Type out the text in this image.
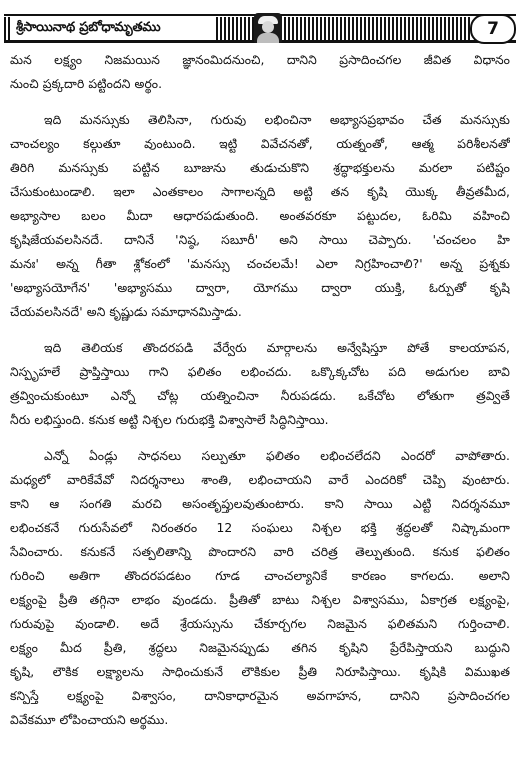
శ్రీసాయినాథ ప్రబోధామృతము	7
మన లక్ష్యం నిజమయిన జ్ఞానంమిదనుంచి, దానిని ప్రసాదించగల జీవిత విధానం
నుంచి ప్రక్కదారి పట్టిందని అర్థం.
ఇది మనస్సుకు తెలిసినా, గురువు లభించినా అభ్యాసప్రభావం చేత మనస్సుకు
చాంచల్యం కల్గుతూ వుంటుంది. ఇట్టి వివేచనతో, యత్నంతో, ఆత్మ పరిశీలనతో
తిరిగి మనస్సుకు పట్టిన బూజును తుడుచుకొని శ్రద్ధాభక్తులను మరలా పటిష్టం
చేసుకుంటుండాలి. ఇలా ఎంతకాలం సాగాలన్నది అట్టి తన కృషి యొక్క తీవ్రతమీద,
అభ్యాసాల బలం మీదా ఆధారపడుతుంది. అంతవరకూ పట్టుదల, ఓరిమి వహించి
కృషిజేయవలసినదే. దానినే 'నిష్ఠ, సబూరీ' అని సాయి చెప్పారు. 'చంచలం హి
మనః' అన్న గీతా శ్లోకంలో 'మనస్సు చంచలమే! ఎలా నిగ్రహించాలి?' అన్న ప్రశ్నకు
'అభ్యాసయోగేన' 'అభ్యాసము ద్వారా, యోగము ద్వారా యుక్తి, ఓర్పుతో కృషి
చేయవలసినదే' అని కృష్ణుడు సమాధానమిస్తాడు.
ఇది తెలియక తొందరపడి వేర్వేరు మార్గాలను అన్వేషిస్తూ పోతే కాలయాపన,
నిస్పృహలే ప్రాప్తిస్తాయి గాని ఫలితం లభించదు. ఒక్కొక్కచోట పది అడుగుల బావి
త్రవ్వించుకుంటూ ఎన్నో చోట్ల యత్నించినా నీరుపడదు. ఒకేచోట లోతుగా త్రవ్వితే
నీరు లభిస్తుంది. కనుక అట్టి నిశ్చల గురుభక్తి విశ్వాసాలే సిద్ధినిస్తాయి.
ఎన్నో ఏండ్లు సాధనలు సల్పుతూ ఫలితం లభించలేదని ఎందరో వాపోతారు.
మధ్యలో వారికేవేవో నిదర్శనాలు శాంతి, లభించాయని వారే ఎందరికో చెప్పి వుంటారు.
కాని ఆ సంగతి మరచి అసంతృప్తులవుతుంటారు. కాని సాయి ఎట్టి నిదర్శనమూ
లభించకనే గురుసేవలో నిరంతరం 12 సంఘలు నిశ్చల భక్తి శ్రద్ధలతో నిష్కామంగా
సేవించారు. కనుకనే సత్పలితాన్ని పొందారని వారి చరిత్ర తెల్పుతుంది. కనుక ఫలితం
గురించి అతిగా తొందరపడటం గూడ చాంచల్యానికే కారణం కాగలదు. అలాని
లక్ష్యంపై ప్రీతి తగ్గినా లాభం వుండదు. ప్రీతితో బాటు నిశ్చల విశ్వాసము, ఏకాగ్రత లక్ష్యంపై,
గురువుపై వుండాలి. అదే శ్రేయస్సును చేకూర్చగల నిజమైన ఫలితమని గుర్తించాలి.
లక్ష్యం మీద ప్రీతి, శ్రద్ధలు నిజమైనప్పుడు తగిన కృషిని ప్రేరేపిస్తాయని బుద్ధుని
కృషి, లౌకిక లక్ష్యాలను సాధించుకునే లౌకికుల ప్రీతి నిరూపిస్తాయి. కృషికి విముఖత
కన్పిస్తే లక్ష్యంపై విశ్వాసం, దానికాధారమైన అవగాహన, దానిని ప్రసాదించగల
వివేకమూ లోపించాయని అర్థము.
